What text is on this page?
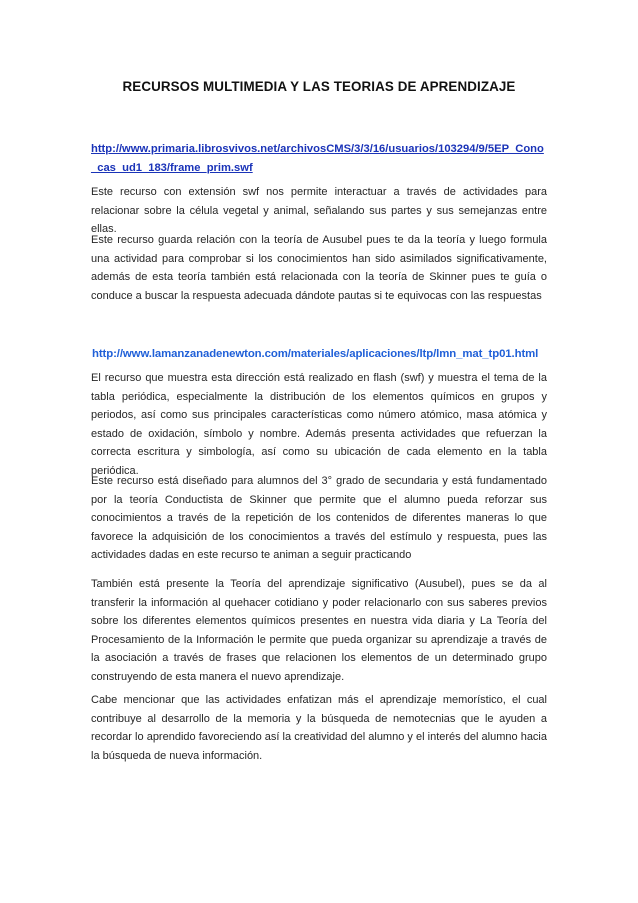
RECURSOS MULTIMEDIA Y LAS TEORIAS DE APRENDIZAJE
http://www.primaria.librosvivos.net/archivosCMS/3/3/16/usuarios/103294/9/5EP_Cono_cas_ud1_183/frame_prim.swf

Este recurso con extensión swf nos permite interactuar a través de actividades para relacionar sobre la célula vegetal y animal, señalando sus partes y sus semejanzas entre ellas.

Este recurso guarda relación con la teoría de Ausubel pues te da la teoría y luego formula una actividad para comprobar si los conocimientos han sido asimilados significativamente, además de esta teoría también está relacionada con la teoría de Skinner pues te guía o conduce a buscar la respuesta adecuada dándote pautas si te equivocas con las respuestas

http://www.lamanzanadenewton.com/materiales/aplicaciones/ltp/lmn_mat_tp01.html

El recurso que muestra esta dirección está realizado en flash (swf) y muestra el tema de la tabla periódica, especialmente la distribución de los elementos químicos en grupos y periodos, así como sus principales características como número atómico, masa atómica y estado de oxidación, símbolo y nombre. Además presenta actividades que refuerzan la correcta escritura y simbología, así como su ubicación de cada elemento en la tabla periódica.

Este recurso está diseñado para alumnos del 3° grado de secundaria y está fundamentado por la teoría Conductista de Skinner que permite que el alumno pueda reforzar sus conocimientos a través de la repetición de los contenidos de diferentes maneras lo que favorece la adquisición de los conocimientos a través del estímulo y respuesta, pues las actividades dadas en este recurso te animan a seguir practicando

También está presente la Teoría del aprendizaje significativo (Ausubel), pues se da al transferir la información al quehacer cotidiano y poder relacionarlo con sus saberes previos sobre los diferentes elementos químicos presentes en nuestra vida diaria y La Teoría del Procesamiento de la Información le permite que pueda organizar su aprendizaje a través de la asociación a través de frases que relacionen los elementos de un determinado grupo construyendo de esta manera el nuevo aprendizaje.

Cabe mencionar que las actividades enfatizan más el aprendizaje memorístico, el cual contribuye al desarrollo de la memoria y la búsqueda de nemotecnias que le ayuden a recordar lo aprendido favoreciendo así la creatividad del alumno y el interés del alumno hacia la búsqueda de nueva información.
